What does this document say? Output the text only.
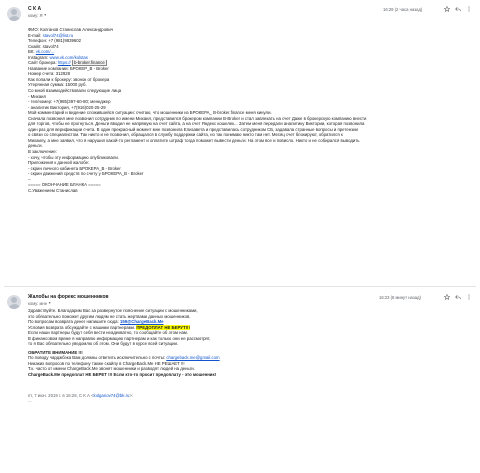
С К А
кому: Я ▼
16:29 (2 часа назад)
ФИО: Колганов Станислав Александрович
E-mail: stavol74@list.ru
Телефон: +7 (981)9839602
Скайп: stavol74
ВК: vk.com/...
Instagram: www.vk.com/kolstas
Сайт брокера: https:// b-broker.finance
Название компании: БРОКЕР_B - Broker
Номер счета: 312928
Как попали к брокеру: звонок от брокера
Утерянная сумма: 15000 руб.
Со мной взаимодействовали следующие лица
- Михаил
- тел/номер: +7(985)397-60-80; менеджер
- аналитик Виктория, +7(916)020-25-29
Мой комментарий и видение сложившейся ситуации: считаю, что мошенники из БРОКЕРА_ B-broker.finance меня кинули.
Сначала позвонил мне позвонил сотрудник по имени Михаил, представился брокером компании B-Broker и стал завлекать на счет Даже в брокерскую компанию внести
для торгов, чтобы не прогнуться. Деньги вводил не напрямую на счет сайта, а на счет Яндекс кошелек... Затем меня передали аналитику Виктории, которая позвонила
один раз для верификации счета. В один прекрасный момент мне позвонила Елизавета и представилась сотрудником СБ, задавала странные вопросы и претензии
о связи со специалистом. Так никто и не позвонил, обращался в службу поддержки сайта, но так понимаю никто там нет. Месяц счет блокируют, обратился к
Михаилу, а мне заявил, что я нарушил какой-то регламент и оплатите штраф тогда поможет вывести деньги. На этом все и повисло. Никто и не собирался выводить
деньги.
В заключение:
- хочу, чтобы эту информацию опубликовали.
Приложения к данной жалобе:
- скрин личного кабинета БРОКЕРА_B - Broker
- скрин движений средств по счету у БРОКЕРА_B - Broker
--
===== ОКОНЧАНИЕ БЛАНКА =====
С.Уважением Станислав
Жалобы на форекс мошенников
кому: мне ▼
16:23 (8 минут назад)
Здравствуйте. Благодарим Вас за развернутое пояснение ситуации с мошенниками,
это обязательно поможет другим людям не стать жертвами данных мошенников.
По вопросам возврата денег напишите сюда: 159@ChargeBack.Me
Условия возврата обсуждайте с нашими партнерами. ПРЕДОПЛАТ НЕ БЕРУТ!!!
Если наши партнеры будут себя вести неадекватно, то сообщайте об этом нам.
В финансовом време я направлю информацию партнерам и как только они ее рассмотрят,
то я Вас обязательно уведомлю об этом. Они будут в курсе всей ситуации.
ОБРАТИТЕ ВНИМАНИЕ !!!
По поводу чарджбэка Вам должны ответить исключительно с почты: chargeback.me@gmail.com
Никаких вопросов по телефону также скайпу в ChargeBack.Me НЕ РЕШАЕТ !!!
Т.к. часто от имени ChargeBack.Me звонят мошенники и разводят людей на деньги.
ChargeBack.Me предоплат НЕ БЕРЕТ !!! Если кто-то просит предоплату - это мошенник!
пт, 7 июн. 2019 г. в 16:28, С К А <kolganov74@bk.ru>:
...
